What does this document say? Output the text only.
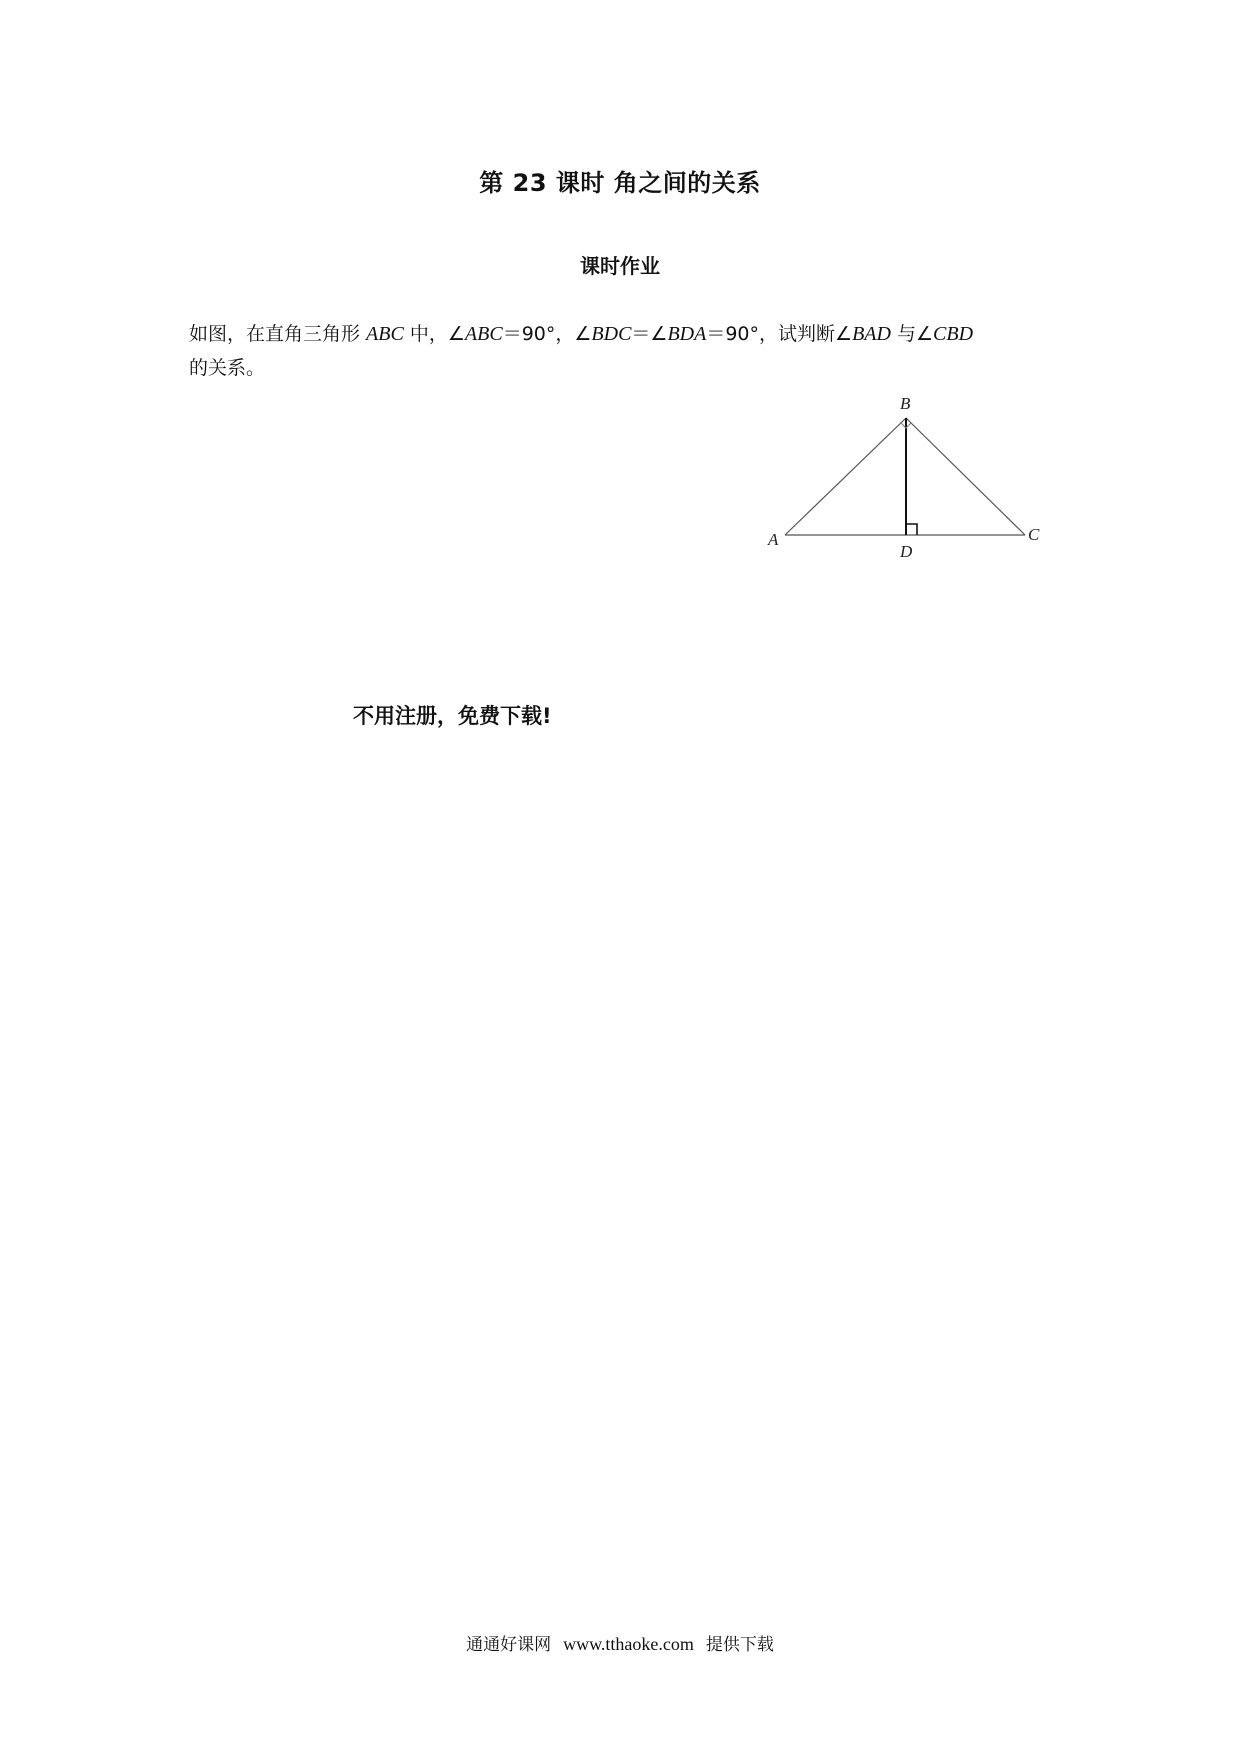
第 23 课时 角之间的关系
课时作业
如图，在直角三角形 ABC 中，∠ABC＝90°，∠BDC＝∠BDA＝90°，试判断∠BAD 与∠CBD
的关系。
A
B
C
D
不用注册，免费下载!
通通好课网 www.tthaoke.com 提供下载
